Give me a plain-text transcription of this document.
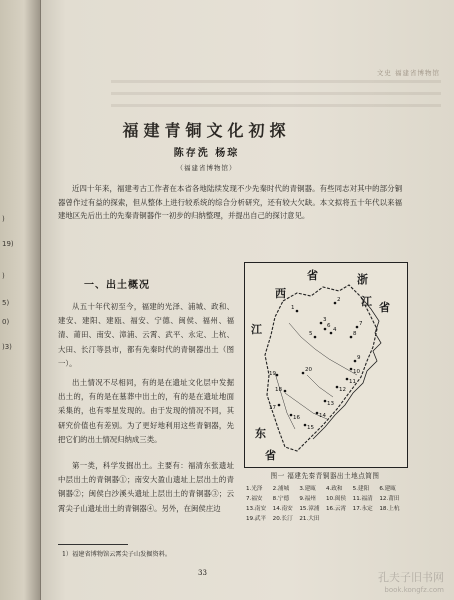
)
19)
)
5)
0)
)3)
文史 福建省博物馆
福建青铜文化初探
陈存洗 杨琮
（福建省博物馆）

近四十年来，福建考古工作者在本省各地陆续发现不少先秦时代的青铜器。有些同志对其中的部分铜器曾作过有益的探索，但从整体上进行较系统的综合分析研究，还有较大欠缺。本文拟将五十年代以来福建地区先后出土的先秦青铜器作一初步的归纳整理，并提出自己的探讨意见。

一、出土概况

从五十年代初至今，福建的光泽、浦城、政和、建安、建阳、建瓯、福安、宁德、闽侯、福州、福清、莆田、南安、漳浦、云霄、武平、永定、上杭、大田、长汀等县市，都有先秦时代的青铜器出土（图一）。

出土情况不尽相同，有的是在遗址文化层中发掘出土的，有的是在墓葬中出土的，有的是在遗址地面采集的，也有零星发现的。由于发现的情况不同，其研究价值也有差别。为了更好地利用这些青铜器，先把它们的出土情况归纳成三类。

第一类，科学发掘出土。主要有：福清东张遗址中层出土的青铜器①；南安大盈山遗址上层出土的青铜器②；闽侯白沙溪头遗址上层出土的青铜器③；云霄尖子山遗址出土的青铜器④。另外，在闽侯庄边

1
2
3
4
5
6	7
8
9
10
11
12
13
14
15
16
17
18
19
20
浙
江 省
省
西
江
东
省
图一 福建先秦青铜器出土地点简图
1.光泽	2.浦城	3.建瓯	4.政和	5.建阳	6.建瓯
7.福安	8.宁德	9.福州	10.闽侯	11.福清	12.莆田
13.南安	14.南安	15.漳浦	16.云霄	17.永定	18.上杭
19.武平	20.长汀	21.大田
1）福建省博物馆云霄尖子山发掘资料。
33	孔夫子旧书网
book.kongfz.com
